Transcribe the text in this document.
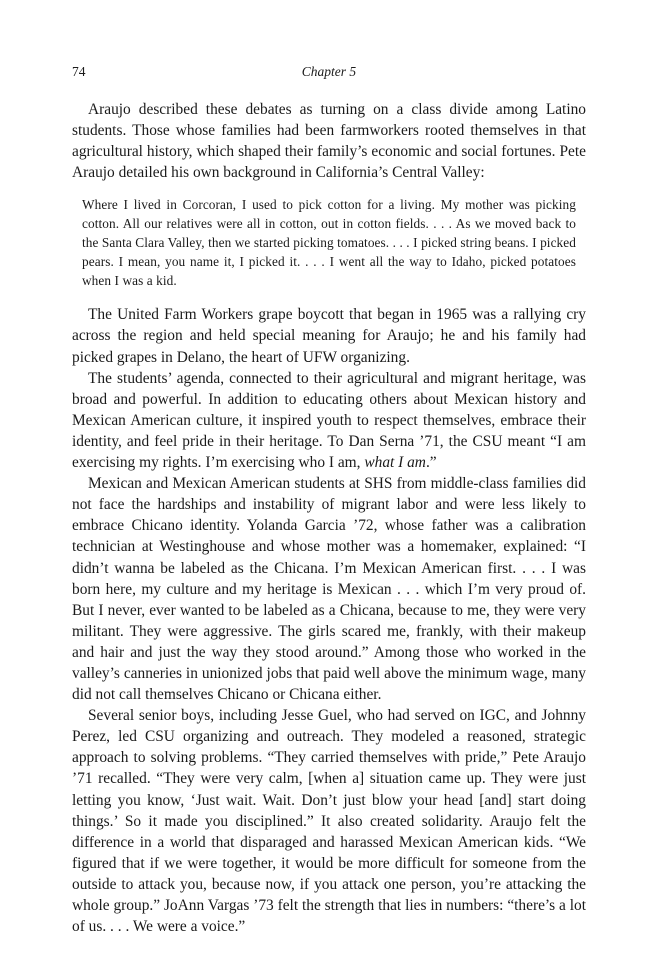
74	Chapter 5

Araujo described these debates as turning on a class divide among Latino students. Those whose families had been farmworkers rooted themselves in that agricultural history, which shaped their family’s economic and social fortunes. Pete Araujo detailed his own background in California’s Central Valley:

Where I lived in Corcoran, I used to pick cotton for a living. My mother was picking cotton. All our relatives were all in cotton, out in cotton fields. . . . As we moved back to the Santa Clara Valley, then we started picking tomatoes. . . . I picked string beans. I picked pears. I mean, you name it, I picked it. . . . I went all the way to Idaho, picked potatoes when I was a kid.

The United Farm Workers grape boycott that began in 1965 was a rallying cry across the region and held special meaning for Araujo; he and his family had picked grapes in Delano, the heart of UFW organizing.

The students’ agenda, connected to their agricultural and migrant heritage, was broad and powerful. In addition to educating others about Mexican history and Mexican American culture, it inspired youth to respect themselves, embrace their identity, and feel pride in their heritage. To Dan Serna ’71, the CSU meant “I am exercising my rights. I’m exercising who I am, what I am.”

Mexican and Mexican American students at SHS from middle-class families did not face the hardships and instability of migrant labor and were less likely to embrace Chicano identity. Yolanda Garcia ’72, whose father was a calibration technician at Westinghouse and whose mother was a homemaker, explained: “I didn’t wanna be labeled as the Chicana. I’m Mexican American first. . . . I was born here, my culture and my heritage is Mexican . . . which I’m very proud of. But I never, ever wanted to be labeled as a Chicana, because to me, they were very militant. They were aggressive. The girls scared me, frankly, with their makeup and hair and just the way they stood around.” Among those who worked in the valley’s canneries in unionized jobs that paid well above the minimum wage, many did not call themselves Chicano or Chicana either.

Several senior boys, including Jesse Guel, who had served on IGC, and Johnny Perez, led CSU organizing and outreach. They modeled a reasoned, strategic approach to solving problems. “They carried themselves with pride,” Pete Araujo ’71 recalled. “They were very calm, [when a] situation came up. They were just letting you know, ‘Just wait. Wait. Don’t just blow your head [and] start doing things.’ So it made you disciplined.” It also created solidarity. Araujo felt the difference in a world that disparaged and harassed Mexican American kids. “We figured that if we were together, it would be more difficult for someone from the outside to attack you, because now, if you attack one person, you’re attacking the whole group.” JoAnn Vargas ’73 felt the strength that lies in numbers: “there’s a lot of us. . . . We were a voice.”
